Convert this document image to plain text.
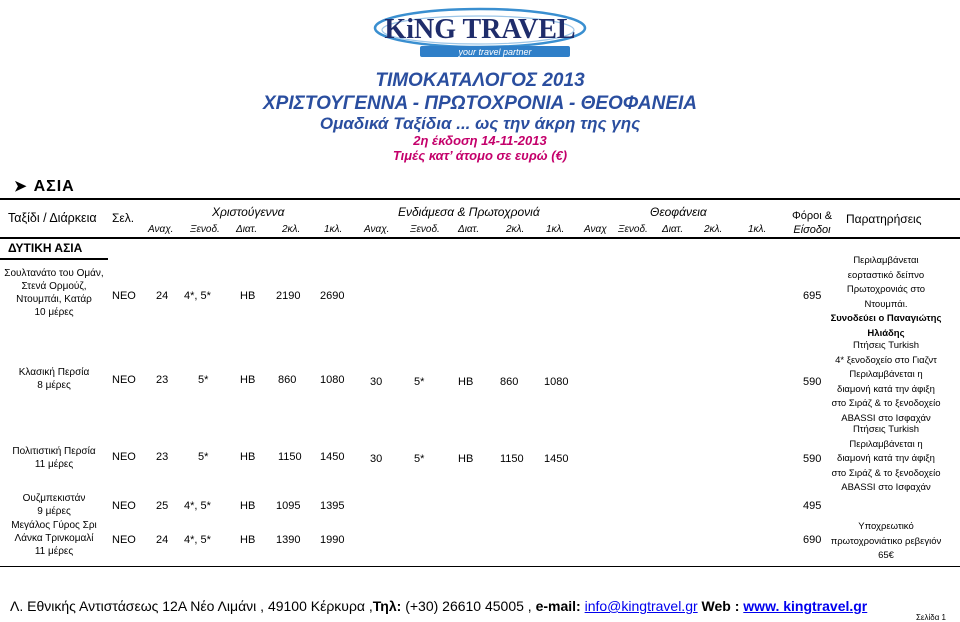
KiNG TRAVEL
your travel partner
ΤΙΜΟΚΑΤΑΛΟΓΟΣ 2013
ΧΡΙΣΤΟΥΓΕΝΝΑ - ΠΡΩΤΟΧΡΟΝΙΑ - ΘΕΟΦΑΝΕΙΑ
Ομαδικά Ταξίδια ... ως την άκρη της γης
2η έκδοση 14-11-2013
Τιμές κατ’ άτομο σε ευρώ (€)
➤ ΑΣΙΑ
Ταξίδι / Διάρκεια Σελ.	Χριστούγεννα	Ενδιάμεσα & Πρωτοχρονιά	Θεοφάνεια	Φόροι &
Είσοδοι
Παρατηρήσεις
Αναχ. Ξενοδ. Διατ. 2κλ. 1κλ. Αναχ. Ξενοδ. Διατ.	2κλ. 1κλ. Αναχ Ξενοδ. Διατ. 2κλ.	1κλ.
ΔΥΤΙΚΗ ΑΣΙΑ
Σουλτανάτο του Ομάν,
Στενά Ορμούζ,
Ντουμπάι, Κατάρ
10 μέρες
ΝΕΟ 24 4*, 5*	HB 2190 2690	695
Περιλαμβάνεται
εορταστικό δείπνο
Πρωτοχρονιάς στο
Ντουμπάι.
Συνοδεύει ο Παναγιώτης
Ηλιάδης
Κλασική Περσία
8 μέρες	ΝΕΟ 23	5*	HB 860 1080 30	5*	HB 860 1080	590
Πτήσεις Turkish
4* ξενοδοχείο στο Γιαζντ
Περιλαμβάνεται η
διαμονή κατά την άφιξη
στο Σιράζ & το ξενοδοχείο
ABASSI στο Ισφαχάν
Πολιτιστική Περσία
11 μέρες
ΝΕΟ 23	5*	HB 1150 1450 30	5*	HB 1150 1450	590
Πτήσεις Turkish
Περιλαμβάνεται η
διαμονή κατά την άφιξη
στο Σιράζ & το ξενοδοχείο
ABASSI στο Ισφαχάν
Ουζμπεκιστάν
9 μέρες	ΝΕΟ 25 4*, 5*	HB 1095 1395	495
Μεγάλος Γύρος Σρι
Λάνκα Τρινκομαλί
11 μέρες
ΝΕΟ 24 4*, 5*	HB 1390 1990	690
Υποχρεωτικό
πρωτοχρονιάτικο ρεβεγιόν
65€
Λ. Εθνικής Αντιστάσεως 12Α Νέο Λιμάνι , 49100 Κέρκυρα ,Τηλ: (+30) 26610 45005 , e-mail: info@kingtravel.gr Web : www. kingtravel.gr
Σελίδα 1
